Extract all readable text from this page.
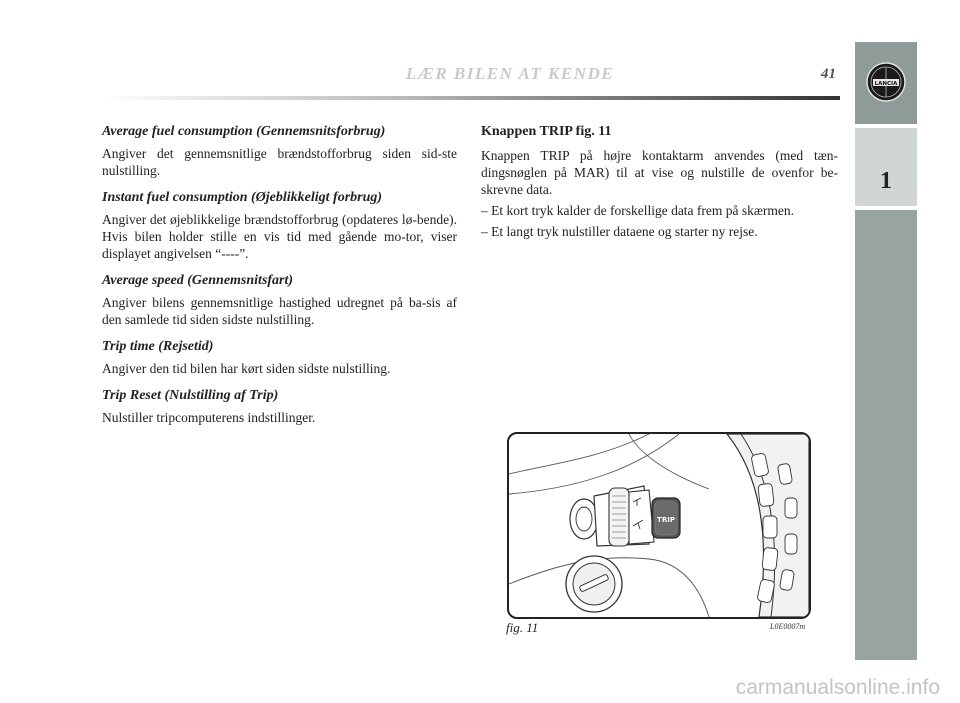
LÆR BILEN AT KENDE	41
LANCIA
1

Average fuel consumption (Gennemsnitsforbrug)

Angiver det gennemsnitlige brændstofforbrug siden sid-ste nulstilling.

Instant fuel consumption (Øjeblikkeligt forbrug)

Angiver det øjeblikkelige brændstofforbrug (opdateres lø-bende). Hvis bilen holder stille en vis tid med gående mo-tor, viser displayet angivelsen “----”.

Average speed (Gennemsnitsfart)

Angiver bilens gennemsnitlige hastighed udregnet på ba-sis af den samlede tid siden sidste nulstilling.

Trip time (Rejsetid)

Angiver den tid bilen har kørt siden sidste nulstilling.

Trip Reset (Nulstilling af Trip)

Nulstiller tripcomputerens indstillinger.

Knappen TRIP fig. 11

Knappen TRIP på højre kontaktarm anvendes (med tæn-dingsnøglen på MAR) til at vise og nulstille de ovenfor be-skrevne data.

– Et kort tryk kalder de forskellige data frem på skærmen.

– Et langt tryk nulstiller dataene og starter ny rejse.

TRIP
fig. 11	L0E0007m
carmanualsonline.info
